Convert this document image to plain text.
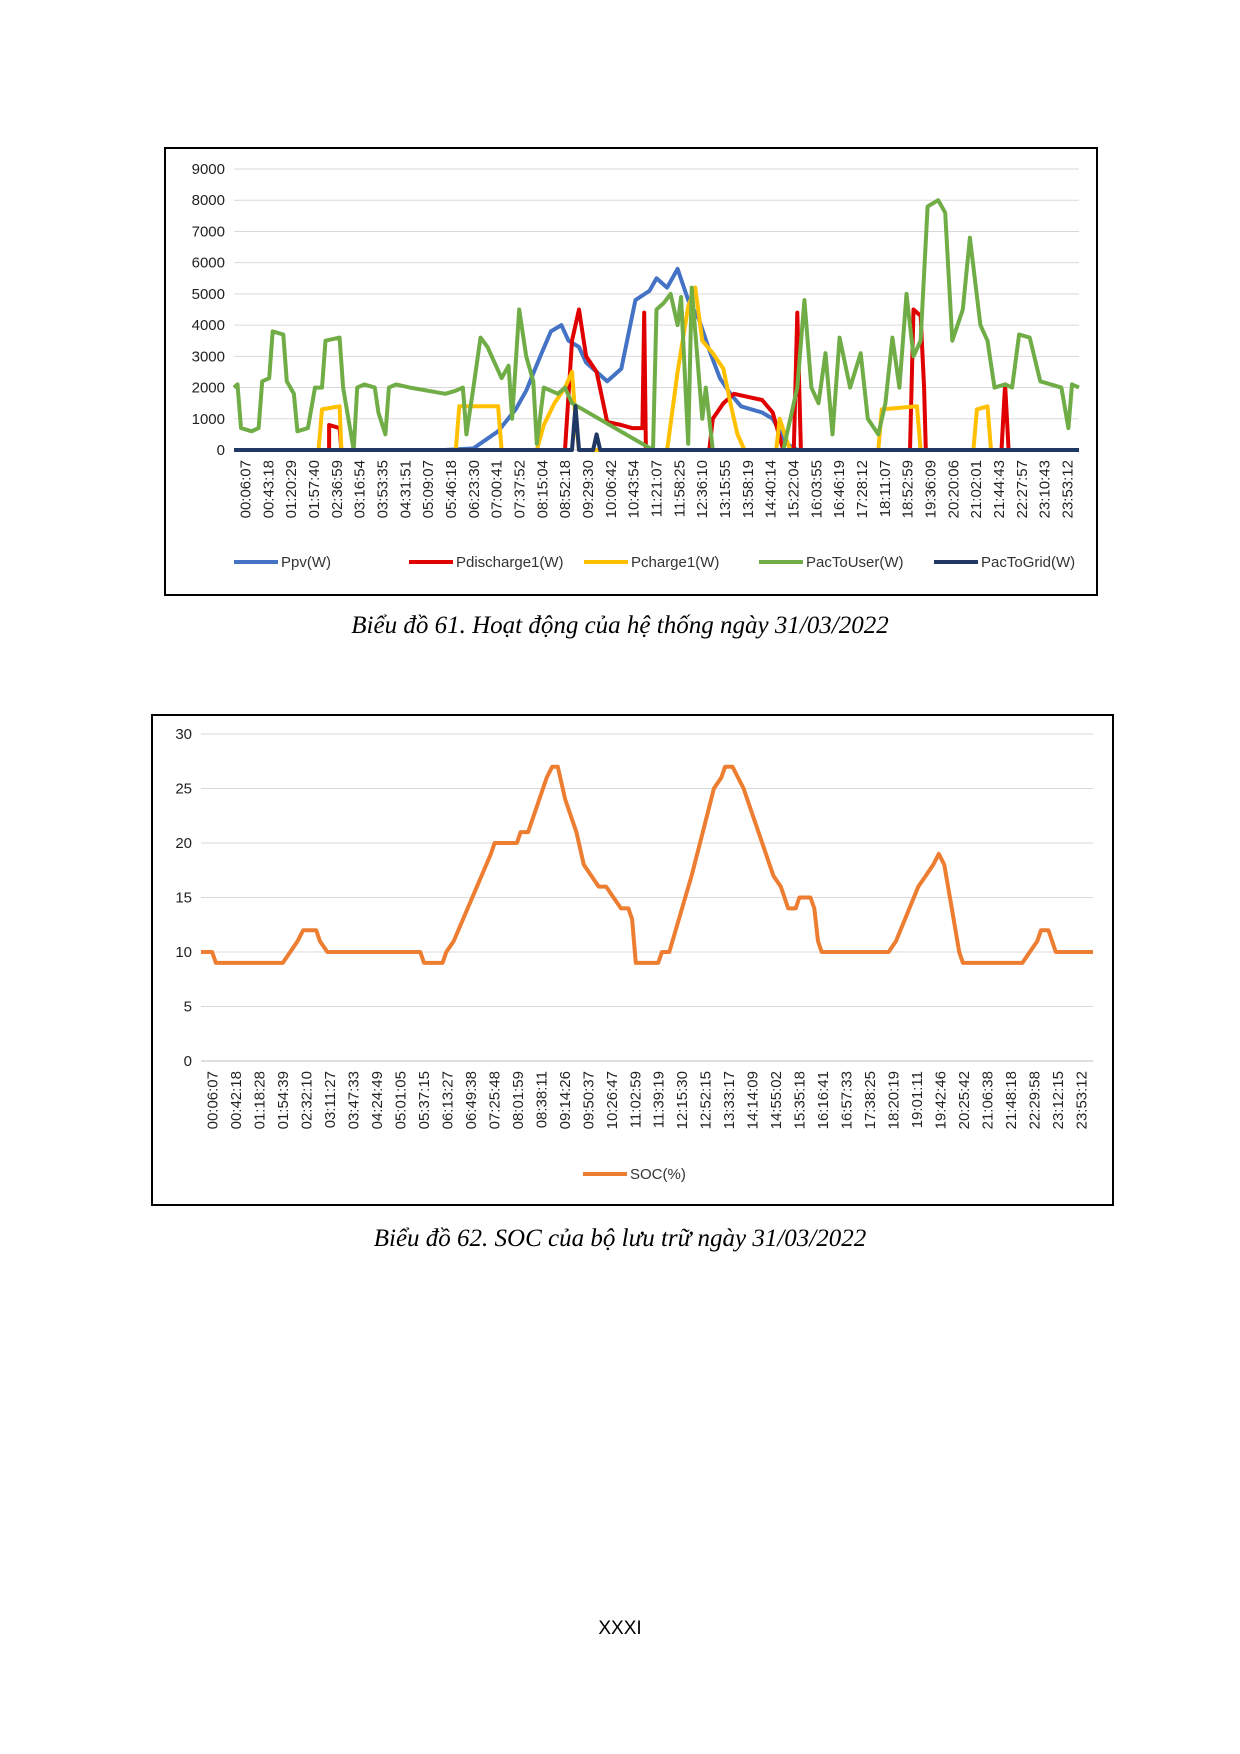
9000
8000
7000
6000
5000
4000
3000
2000
1000
0
00:06:07 00:43:18 01:20:29 01:57:40 02:36:59 03:16:54 03:53:35 04:31:51 05:09:07 05:46:18 06:23:30 07:00:41 07:37:52 08:15:04 08:52:18 09:29:30 10:06:42 10:43:54 11:21:07 11:58:25 12:36:10 13:15:55 13:58:19 14:40:14 15:22:04 16:03:55 16:46:19 17:28:12 18:11:07 18:52:59 19:36:09 20:20:06 21:02:01 21:44:43 22:27:57 23:10:43 23:53:12
Ppv(W)	Pdischarge1(W)	Pcharge1(W)	PacToUser(W)	PacToGrid(W)
Biểu đồ 61. Hoạt động của hệ thống ngày 31/03/2022
30
25
20
15
10
5
0
00:06:07 00:42:18 01:18:28 01:54:39 02:32:10 03:11:27 03:47:33 04:24:49 05:01:05 05:37:15 06:13:27 06:49:38 07:25:48 08:01:59 08:38:11 09:14:26 09:50:37 10:26:47 11:02:59 11:39:19 12:15:30 12:52:15 13:33:17 14:14:09 14:55:02 15:35:18 16:16:41 16:57:33 17:38:25 18:20:19 19:01:11 19:42:46 20:25:42 21:06:38 21:48:18 22:29:58 23:12:15 23:53:12
SOC(%)
Biểu đồ 62. SOC của bộ lưu trữ ngày 31/03/2022
XXXI
